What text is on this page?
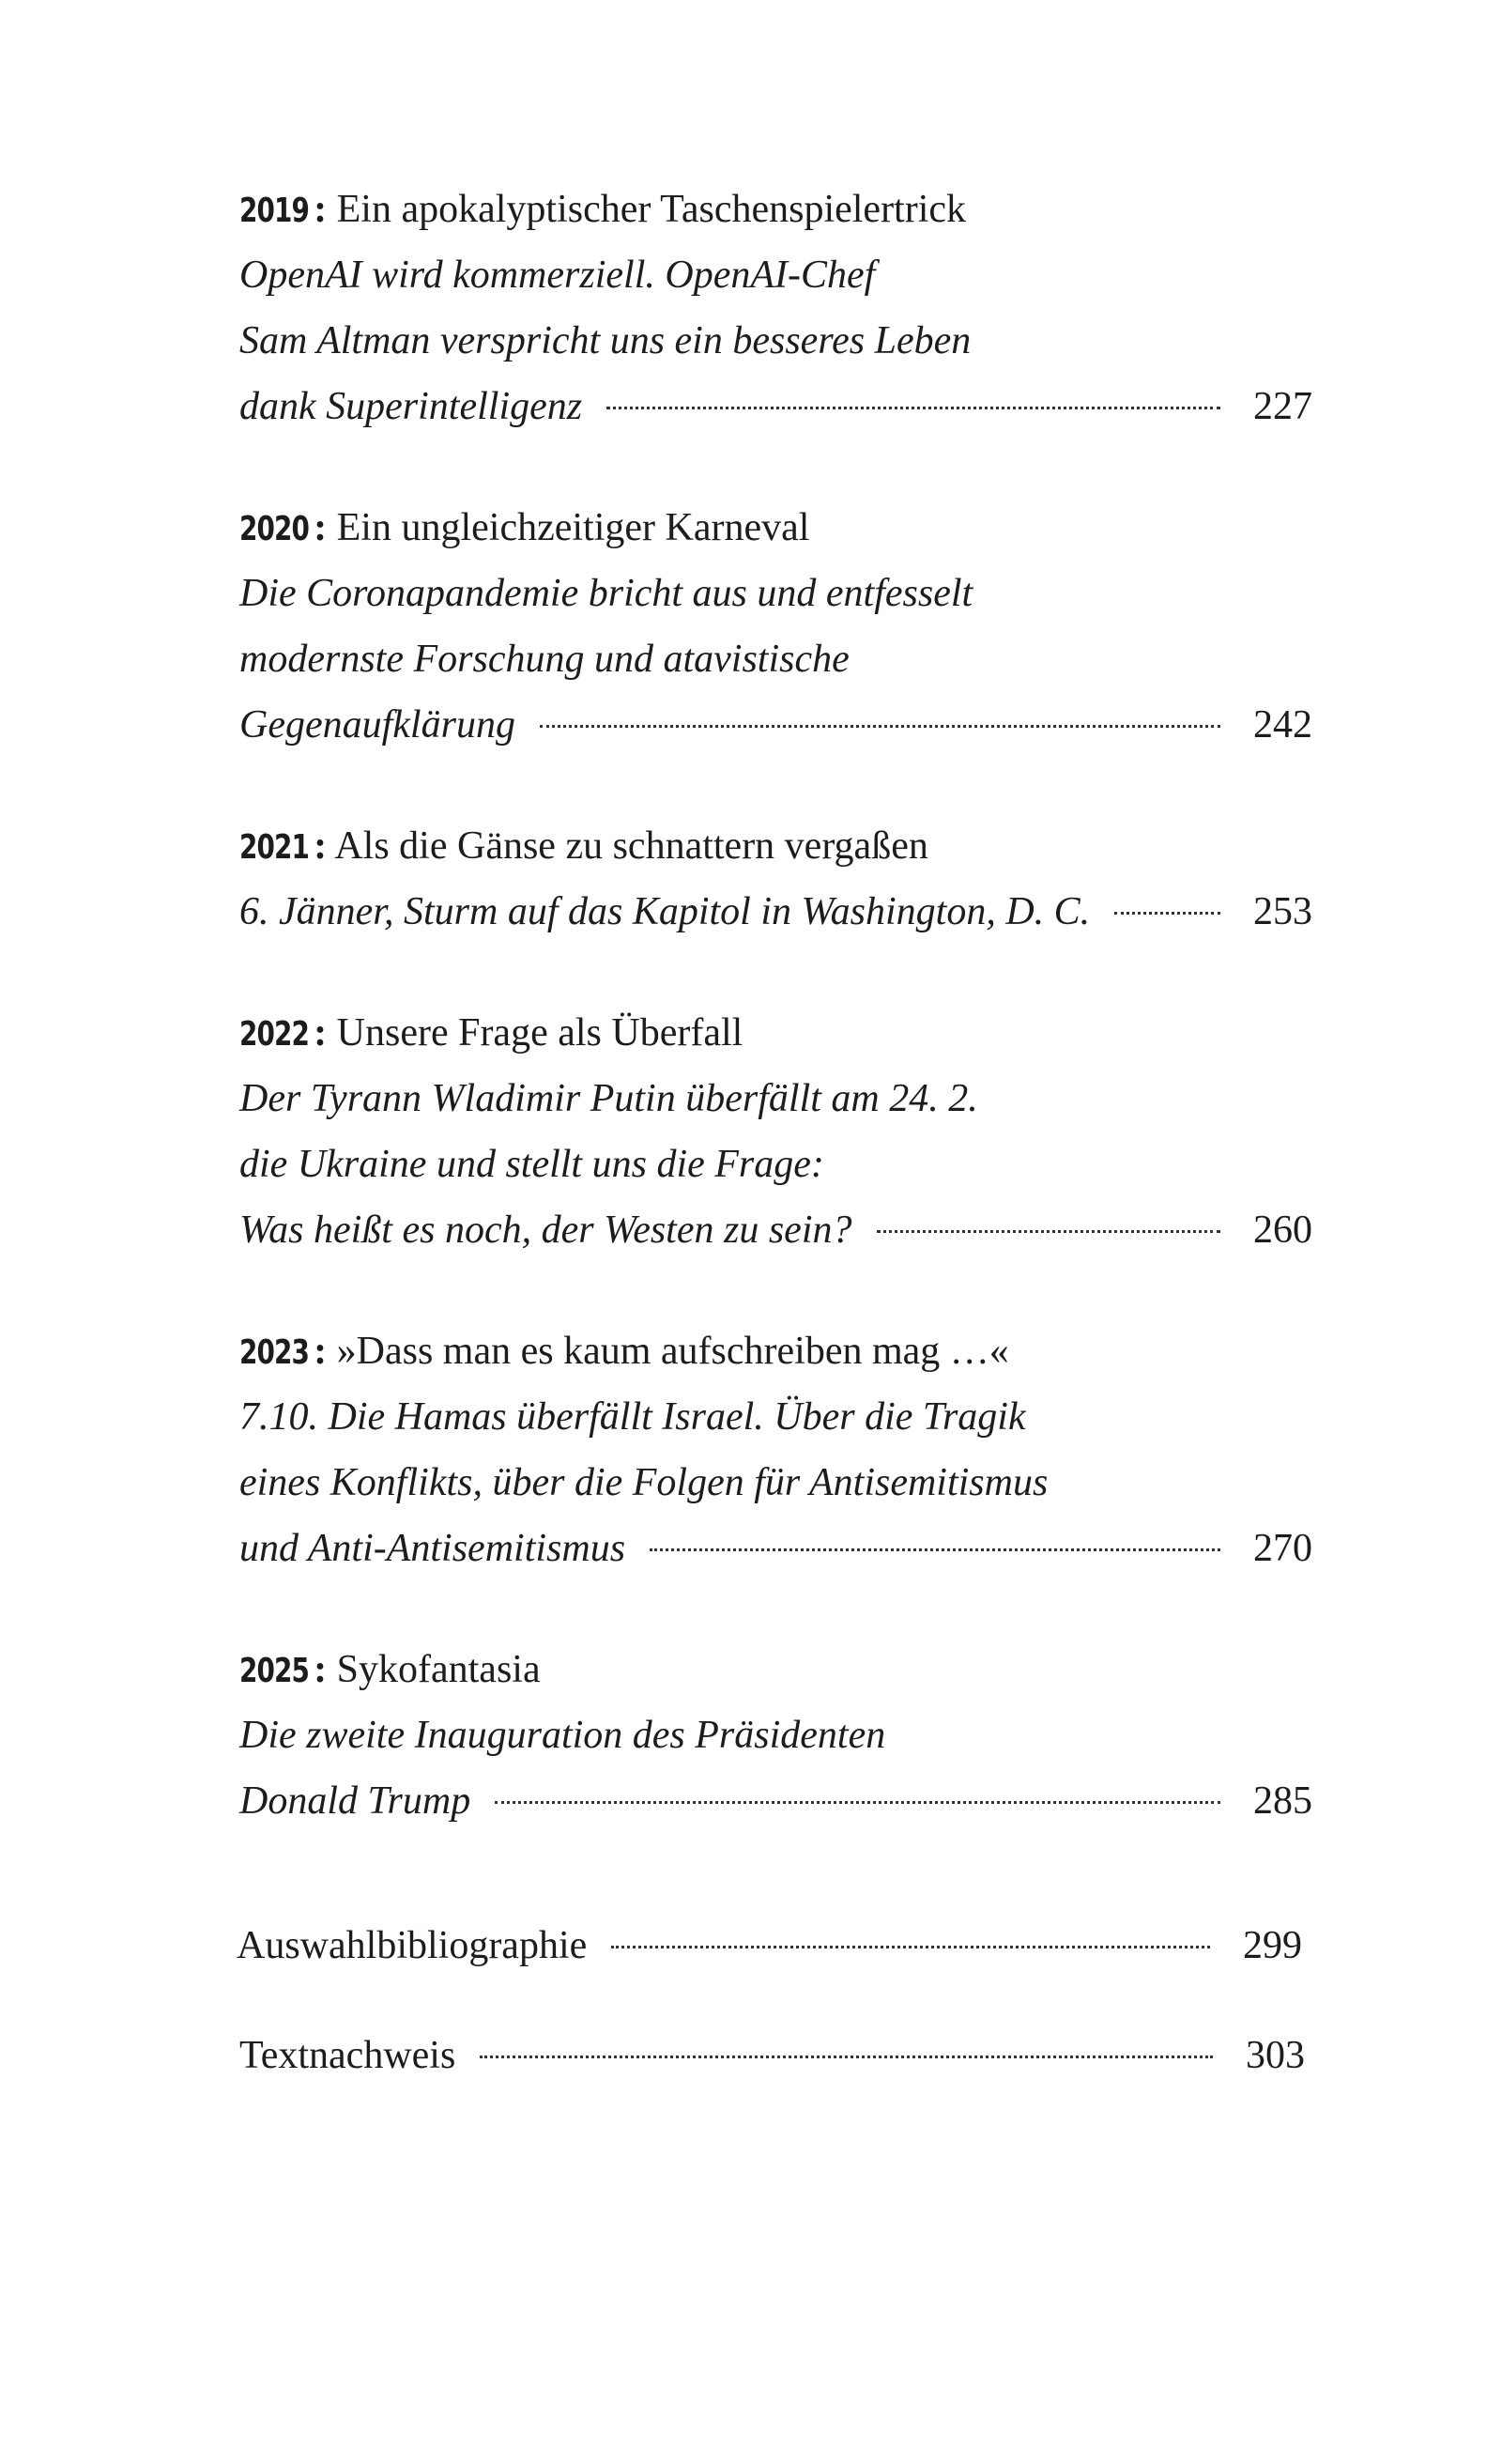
2019 : Ein apokalyptischer Taschenspielertrick
OpenAI wird kommerziell. OpenAI-Chef
Sam Altman verspricht uns ein besseres Leben
dank Superintelligenz	227
2020 : Ein ungleichzeitiger Karneval
Die Coronapandemie bricht aus und entfesselt
modernste Forschung und atavistische
Gegenaufklärung	242
2021 : Als die Gänse zu schnattern vergaßen
6. Jänner, Sturm auf das Kapitol in Washington, D. C.	253
2022 : Unsere Frage als Überfall
Der Tyrann Wladimir Putin überfällt am 24. 2.
die Ukraine und stellt uns die Frage:
Was heißt es noch, der Westen zu sein?	260
2023 : »Dass man es kaum aufschreiben mag …«
7.10. Die Hamas überfällt Israel. Über die Tragik
eines Konflikts, über die Folgen für Antisemitismus
und Anti-Antisemitismus	270
2025 : Sykofantasia
Die zweite Inauguration des Präsidenten
Donald Trump	285
Auswahlbibliographie	299
Textnachweis	303
